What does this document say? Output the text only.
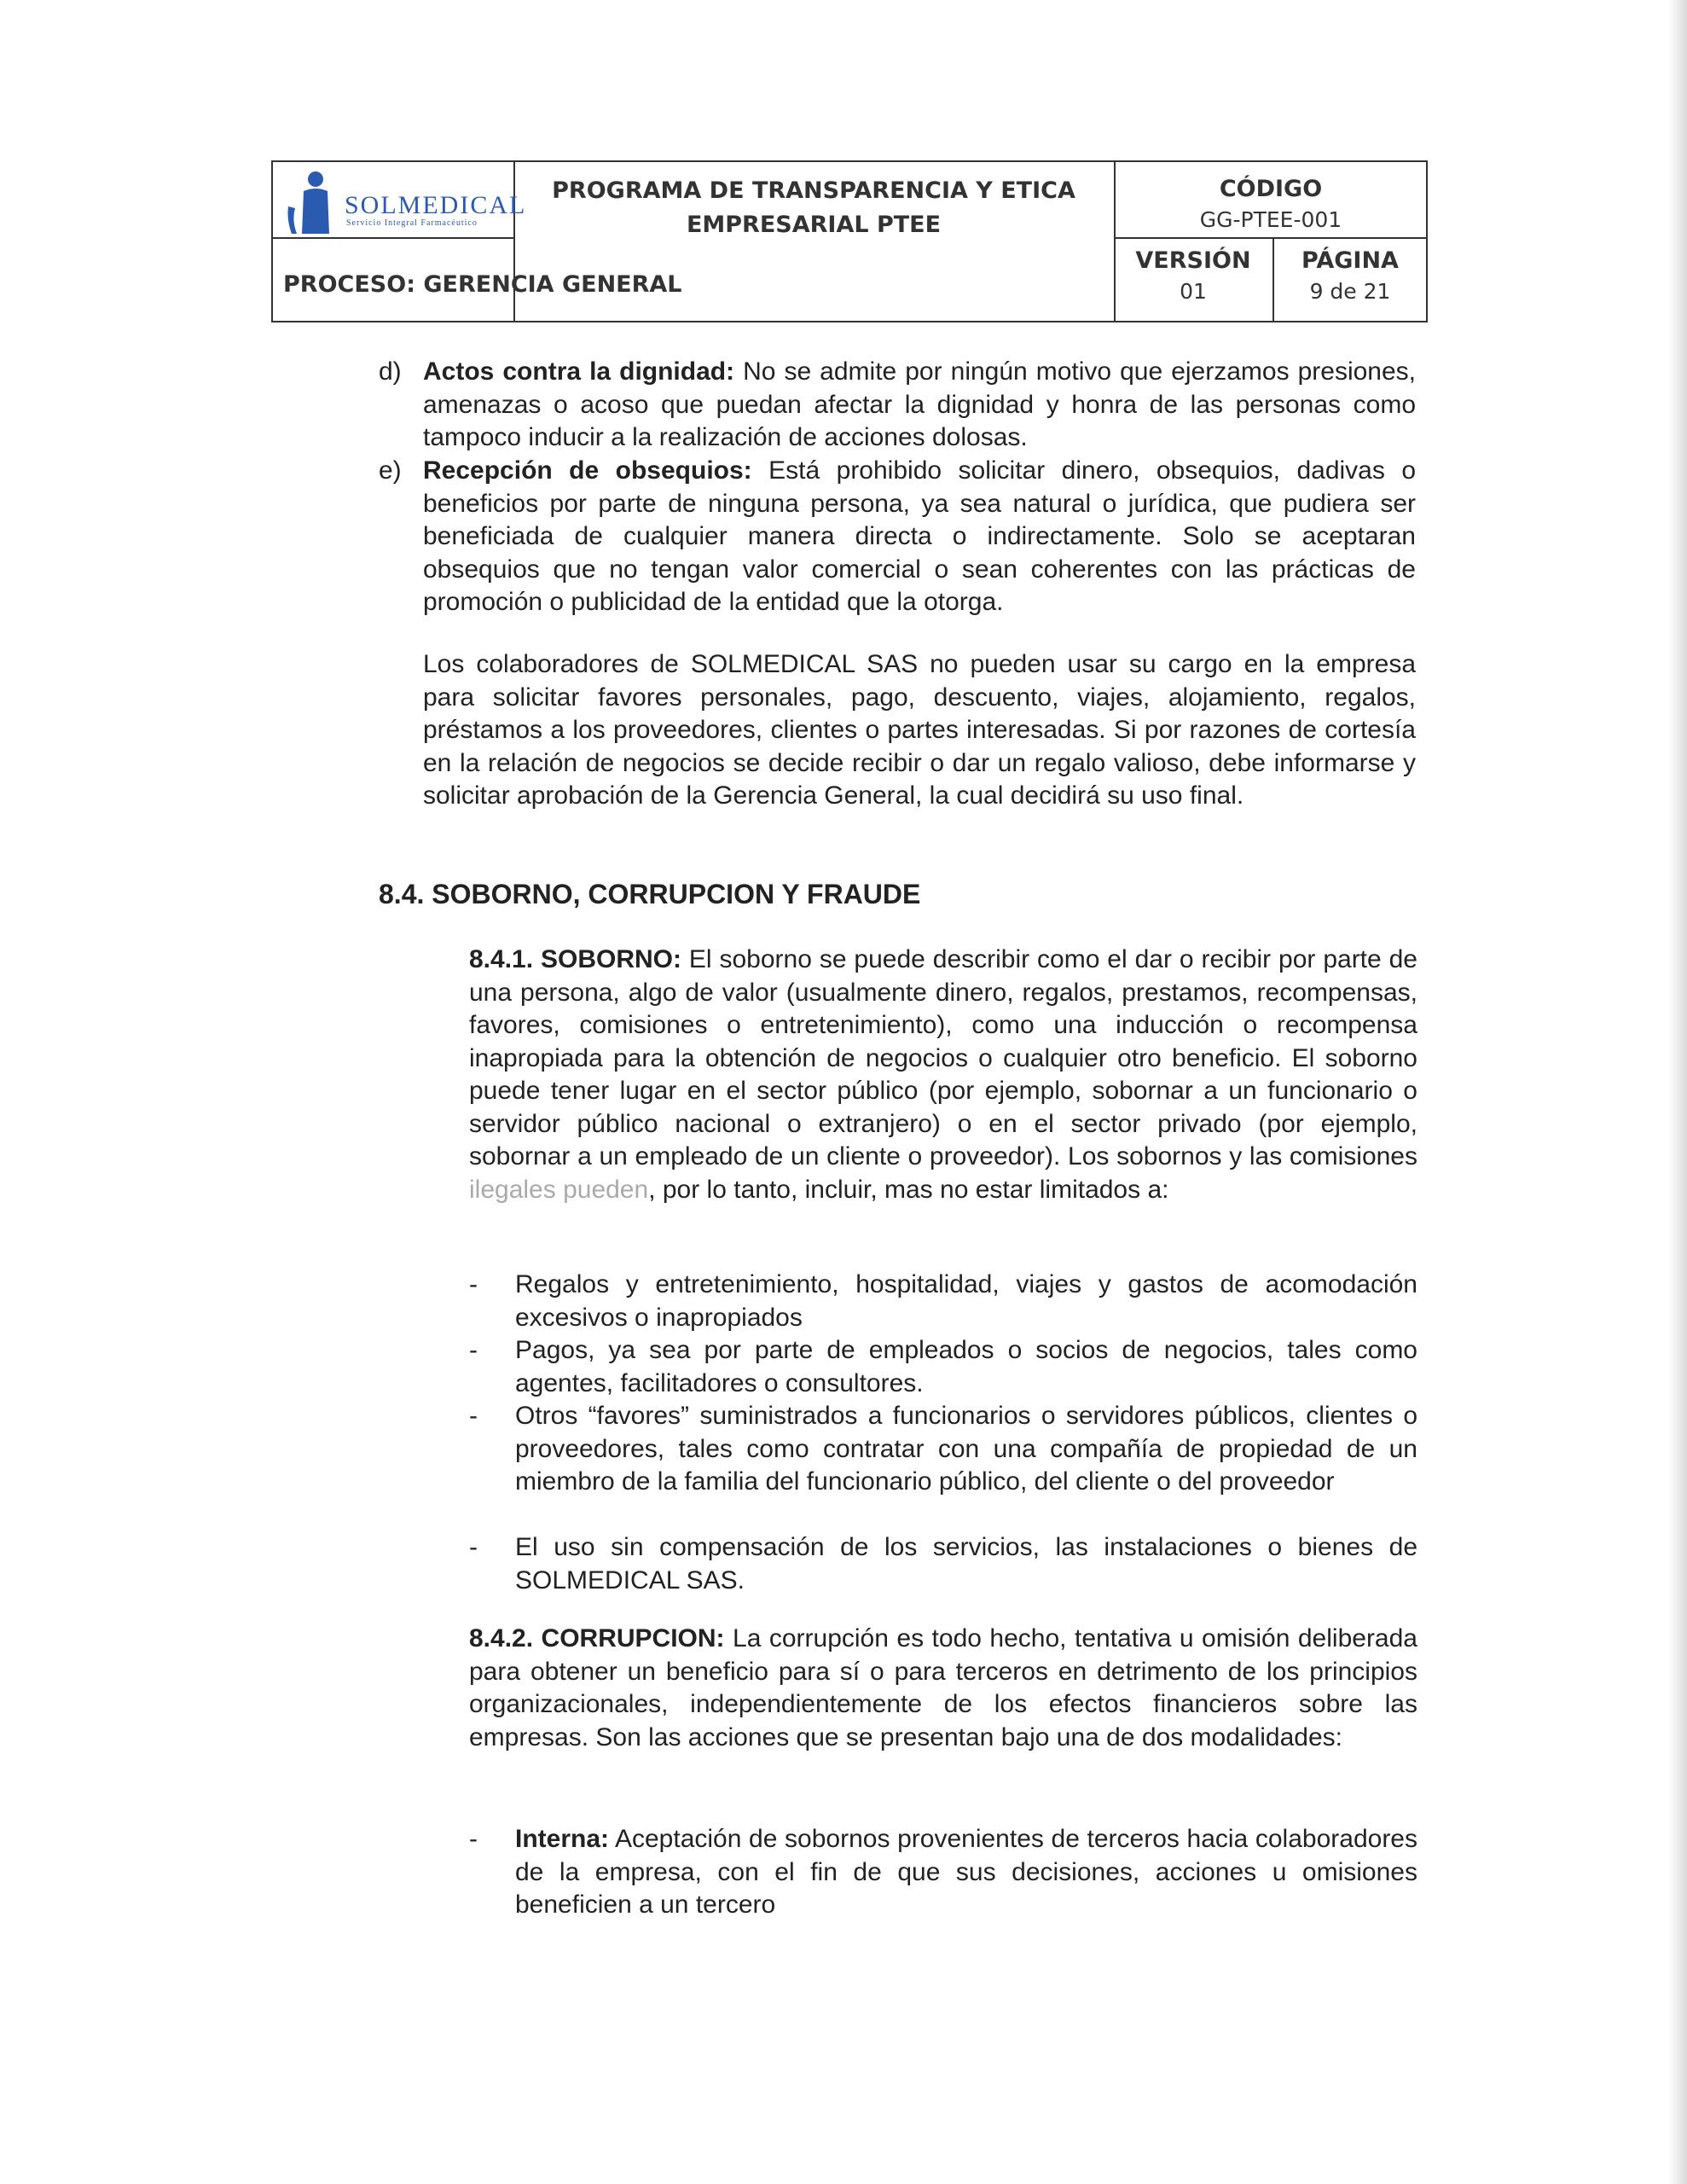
SOLMEDICAL
Servicio Integral Farmacéutico
PROGRAMA DE TRANSPARENCIA Y ETICA
EMPRESARIAL PTEE
CÓDIGO
GG-PTEE-001
VERSIÓN
01
PÁGINA
9 de 21
PROCESO: GERENCIA GENERAL
d) Actos contra la dignidad: No se admite por ningún motivo que ejerzamos presiones, amenazas o acoso que puedan afectar la dignidad y honra de las personas como tampoco inducir a la realización de acciones dolosas.
e) Recepción de obsequios: Está prohibido solicitar dinero, obsequios, dadivas o beneficios por parte de ninguna persona, ya sea natural o jurídica, que pudiera ser beneficiada de cualquier manera directa o indirectamente. Solo se aceptaran obsequios que no tengan valor comercial o sean coherentes con las prácticas de promoción o publicidad de la entidad que la otorga.
Los colaboradores de SOLMEDICAL SAS no pueden usar su cargo en la empresa para solicitar favores personales, pago, descuento, viajes, alojamiento, regalos, préstamos a los proveedores, clientes o partes interesadas. Si por razones de cortesía en la relación de negocios se decide recibir o dar un regalo valioso, debe informarse y solicitar aprobación de la Gerencia General, la cual decidirá su uso final.
8.4. SOBORNO, CORRUPCION Y FRAUDE
8.4.1. SOBORNO: El soborno se puede describir como el dar o recibir por parte de una persona, algo de valor (usualmente dinero, regalos, prestamos, recompensas, favores, comisiones o entretenimiento), como una inducción o recompensa inapropiada para la obtención de negocios o cualquier otro beneficio. El soborno puede tener lugar en el sector público (por ejemplo, sobornar a un funcionario o servidor público nacional o extranjero) o en el sector privado (por ejemplo, sobornar a un empleado de un cliente o proveedor). Los sobornos y las comisiones ilegales pueden, por lo tanto, incluir, mas no estar limitados a:
- Regalos y entretenimiento, hospitalidad, viajes y gastos de acomodación excesivos o inapropiados
- Pagos, ya sea por parte de empleados o socios de negocios, tales como agentes, facilitadores o consultores.
- Otros “favores” suministrados a funcionarios o servidores públicos, clientes o proveedores, tales como contratar con una compañía de propiedad de un miembro de la familia del funcionario público, del cliente o del proveedor
- El uso sin compensación de los servicios, las instalaciones o bienes de SOLMEDICAL SAS.
8.4.2. CORRUPCION: La corrupción es todo hecho, tentativa u omisión deliberada para obtener un beneficio para sí o para terceros en detrimento de los principios organizacionales, independientemente de los efectos financieros sobre las empresas. Son las acciones que se presentan bajo una de dos modalidades:
- Interna: Aceptación de sobornos provenientes de terceros hacia colaboradores de la empresa, con el fin de que sus decisiones, acciones u omisiones beneficien a un tercero
